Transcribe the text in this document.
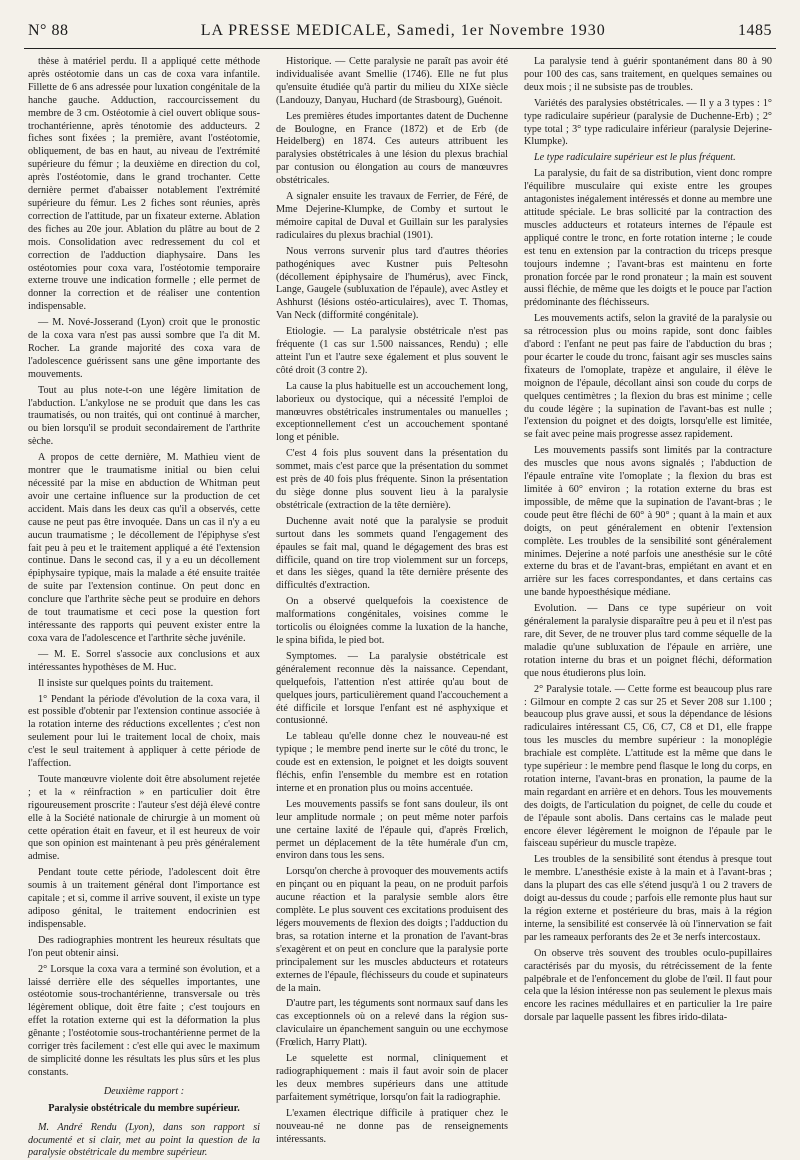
N° 88	LA PRESSE MEDICALE, Samedi, 1er Novembre 1930	1485

thèse à matériel perdu. Il a appliqué cette méthode après ostéotomie dans un cas de coxa vara infantile. Fillette de 6 ans adressée pour luxation congénitale de la hanche gauche. Adduction, raccourcissement du membre de 3 cm. Ostéotomie à ciel ouvert oblique sous-trochantérienne, après ténotomie des adducteurs. 2 fiches sont fixées ; la première, avant l'ostéotomie, obliquement, de bas en haut, au niveau de l'extrémité supérieure du fémur ; la deuxième en direction du col, après l'ostéotomie, dans le grand trochanter. Cette dernière permet d'abaisser notablement l'extrémité supérieure du fémur. Les 2 fiches sont réunies, après correction de l'attitude, par un fixateur externe. Ablation des fiches au 20e jour. Ablation du plâtre au bout de 2 mois. Consolidation avec redressement du col et correction de l'adduction diaphysaire. Dans les ostéotomies pour coxa vara, l'ostéotomie temporaire externe trouve une indication formelle ; elle permet de donner la correction et de réaliser une contention indispensable.

— M. Nové-Josserand (Lyon) croit que le pronostic de la coxa vara n'est pas aussi sombre que l'a dit M. Rocher. La grande majorité des coxa vara de l'adolescence guérissent sans une gêne importante des mouvements.

Tout au plus note-t-on une légère limitation de l'abduction. L'ankylose ne se produit que dans les cas traumatisés, ou non traités, qui ont continué à marcher, ou bien lorsqu'il se produit secondairement de l'arthrite sèche.

A propos de cette dernière, M. Mathieu vient de montrer que le traumatisme initial ou bien celui nécessité par la mise en abduction de Whitman peut avoir une certaine influence sur la production de cet accident. Mais dans les deux cas qu'il a observés, cette cause ne peut pas être invoquée. Dans un cas il n'y a eu aucun traumatisme ; le décollement de l'épiphyse s'est fait peu à peu et le traitement appliqué a été l'extension continue. Dans le second cas, il y a eu un décollement épiphysaire typique, mais la malade a été ensuite traitée de suite par l'extension continue. On peut donc en conclure que l'arthrite sèche peut se produire en dehors de tout traumatisme et ceci pose la question fort intéressante des rapports qui peuvent exister entre la coxa vara de l'adolescence et l'arthrite sèche juvénile.

— M. E. Sorrel s'associe aux conclusions et aux intéressantes hypothèses de M. Huc.

Il insiste sur quelques points du traitement.

1° Pendant la période d'évolution de la coxa vara, il est possible d'obtenir par l'extension continue associée à la rotation interne des réductions excellentes ; c'est non seulement pour lui le traitement local de choix, mais c'est le seul traitement à appliquer à cette période de l'affection.

Toute manœuvre violente doit être absolument rejetée ; et la « réinfraction » en particulier doit être rigoureusement proscrite : l'auteur s'est déjà élevé contre elle à la Société nationale de chirurgie à un moment où cette opération était en faveur, et il est heureux de voir que son opinion est maintenant à peu près généralement admise.

Pendant toute cette période, l'adolescent doit être soumis à un traitement général dont l'importance est capitale ; et si, comme il arrive souvent, il existe un type adiposo génital, le traitement endocrinien est indispensable.

Des radiographies montrent les heureux résultats que l'on peut obtenir ainsi.

2° Lorsque la coxa vara a terminé son évolution, et a laissé derrière elle des séquelles importantes, une ostéotomie sous-trochantérienne, transversale ou très légèrement oblique, doit être faite ; c'est toujours en effet la rotation externe qui est la déformation la plus gênante ; l'ostéotomie sous-trochantérienne permet de la corriger très facilement : c'est elle qui avec le maximum de simplicité donne les résultats les plus sûrs et les plus constants.

Deuxième rapport :

Paralysie obstétricale du membre supérieur.

M. André Rendu (Lyon), dans son rapport si documenté et si clair, met au point la question de la paralysie obstétricale du membre supérieur.

Historique. — Cette paralysie ne paraît pas avoir été individualisée avant Smellie (1746). Elle ne fut plus qu'ensuite étudiée qu'à partir du milieu du XIXe siècle (Landouzy, Danyau, Huchard (de Strasbourg), Guénoit.

Les premières études importantes datent de Duchenne de Boulogne, en France (1872) et de Erb (de Heidelberg) en 1874. Ces auteurs attribuent les paralysies obstétricales à une lésion du plexus brachial par contusion ou élongation au cours de manœuvres obstétricales.

A signaler ensuite les travaux de Ferrier, de Féré, de Mme Dejerine-Klumpke, de Comby et surtout le mémoire capital de Duval et Guillain sur les paralysies radiculaires du plexus brachial (1901).

Nous verrons survenir plus tard d'autres théories pathogéniques avec Kustner puis Peltesohn (décollement épiphysaire de l'humérus), avec Finck, Lange, Gaugele (subluxation de l'épaule), avec Astley et Ashhurst (lésions ostéo-articulaires), avec T. Thomas, Van Neck (difformité congénitale).

Etiologie. — La paralysie obstétricale n'est pas fréquente (1 cas sur 1.500 naissances, Rendu) ; elle atteint l'un et l'autre sexe également et plus souvent le côté droit (3 contre 2).

La cause la plus habituelle est un accouchement long, laborieux ou dystocique, qui a nécessité l'emploi de manœuvres obstétricales instrumentales ou manuelles ; exceptionnellement c'est un accouchement spontané long et pénible.

C'est 4 fois plus souvent dans la présentation du sommet, mais c'est parce que la présentation du sommet est près de 40 fois plus fréquente. Sinon la présentation du siège donne plus souvent lieu à la paralysie obstétricale (extraction de la tête dernière).

Duchenne avait noté que la paralysie se produit surtout dans les sommets quand l'engagement des épaules se fait mal, quand le dégagement des bras est difficile, quand on tire trop violemment sur un forceps, et dans les sièges, quand la tête dernière présente des difficultés d'extraction.

On a observé quelquefois la coexistence de malformations congénitales, voisines comme le torticolis ou éloignées comme la luxation de la hanche, le spina bifida, le pied bot.

Symptomes. — La paralysie obstétricale est généralement reconnue dès la naissance. Cependant, quelquefois, l'attention n'est attirée qu'au bout de quelques jours, particulièrement quand l'accouchement a été difficile et lorsque l'enfant est né asphyxique et contusionné.

Le tableau qu'elle donne chez le nouveau-né est typique ; le membre pend inerte sur le côté du tronc, le coude est en extension, le poignet et les doigts souvent fléchis, enfin l'ensemble du membre est en rotation interne et en pronation plus ou moins accentuée.

Les mouvements passifs se font sans douleur, ils ont leur amplitude normale ; on peut même noter parfois une certaine laxité de l'épaule qui, d'après Frœlich, permet un déplacement de la tête humérale d'un cm, environ dans tous les sens.

Lorsqu'on cherche à provoquer des mouvements actifs en pinçant ou en piquant la peau, on ne produit parfois aucune réaction et la paralysie semble alors être complète. Le plus souvent ces excitations produisent des légers mouvements de flexion des doigts ; l'adduction du bras, sa rotation interne et la pronation de l'avant-bras s'exagèrent et on peut en conclure que la paralysie porte principalement sur les muscles abducteurs et rotateurs externes de l'épaule, fléchisseurs du coude et supinateurs de la main.

D'autre part, les téguments sont normaux sauf dans les cas exceptionnels où on a relevé dans la région sus-claviculaire un épanchement sanguin ou une ecchymose (Frœlich, Harry Platt).

Le squelette est normal, cliniquement et radiographiquement : mais il faut avoir soin de placer les deux membres supérieurs dans une attitude parfaitement symétrique, lorsqu'on fait la radiographie.

L'examen électrique difficile à pratiquer chez le nouveau-né ne donne pas de renseignements intéressants.

La paralysie tend à guérir spontanément dans 80 à 90 pour 100 des cas, sans traitement, en quelques semaines ou deux mois ; il ne subsiste pas de troubles.

Variétés des paralysies obstétricales. — Il y a 3 types : 1° type radiculaire supérieur (paralysie de Duchenne-Erb) ; 2° type total ; 3° type radiculaire inférieur (paralysie Dejerine-Klumpke).

Le type radiculaire supérieur est le plus fréquent.

La paralysie, du fait de sa distribution, vient donc rompre l'équilibre musculaire qui existe entre les groupes antagonistes inégalement intéressés et donne au membre une attitude spéciale. Le bras sollicité par la contraction des muscles adducteurs et rotateurs internes de l'épaule est appliqué contre le tronc, en forte rotation interne ; le coude est tenu en extension par la contraction du triceps presque toujours indemne ; l'avant-bras est maintenu en forte pronation forcée par le rond pronateur ; la main est souvent aussi fléchie, de même que les doigts et le pouce par l'action prédominante des fléchisseurs.

Les mouvements actifs, selon la gravité de la paralysie ou sa rétrocession plus ou moins rapide, sont donc faibles d'abord : l'enfant ne peut pas faire de l'abduction du bras ; pour écarter le coude du tronc, faisant agir ses muscles sains fixateurs de l'omoplate, trapèze et angulaire, il élève le moignon de l'épaule, décollant ainsi son coude du corps de quelques centimètres ; la flexion du bras est minime ; celle du coude légère ; la supination de l'avant-bas est nulle ; l'extension du poignet et des doigts, lorsqu'elle est limitée, se fait avec peine mais progresse assez rapidement.

Les mouvements passifs sont limités par la contracture des muscles que nous avons signalés ; l'abduction de l'épaule entraîne vite l'omoplate ; la flexion du bras est limitée à 60° environ ; la rotation externe du bras est impossible, de même que la supination de l'avant-bras ; le coude peut être fléchi de 60° à 90° ; quant à la main et aux doigts, on peut généralement en obtenir l'extension complète. Les troubles de la sensibilité sont généralement minimes. Dejerine a noté parfois une anesthésie sur le côté externe du bras et de l'avant-bras, empiétant en avant et en arrière sur les faces correspondantes, et dans certains cas une bande hypoesthésique médiane.

Evolution. — Dans ce type supérieur on voit généralement la paralysie disparaître peu à peu et il n'est pas rare, dit Sever, de ne trouver plus tard comme séquelle de la maladie qu'une subluxation de l'épaule en arrière, une rotation interne du bras et un poignet fléchi, déformation que nous étudierons plus loin.

2° Paralysie totale. — Cette forme est beaucoup plus rare : Gilmour en compte 2 cas sur 25 et Sever 208 sur 1.100 ; beaucoup plus grave aussi, et sous la dépendance de lésions radiculaires intéressant C5, C6, C7, C8 et D1, elle frappe tous les muscles du membre supérieur : la monoplégie brachiale est complète. L'attitude est la même que dans le type supérieur : le membre pend flasque le long du corps, en rotation interne, l'avant-bras en pronation, la paume de la main regardant en arrière et en dehors. Tous les mouvements des doigts, de l'articulation du poignet, de celle du coude et de l'épaule sont abolis. Dans certains cas le malade peut encore élever légèrement le moignon de l'épaule par le faisceau supérieur du muscle trapèze.

Les troubles de la sensibilité sont étendus à presque tout le membre. L'anesthésie existe à la main et à l'avant-bras ; dans la plupart des cas elle s'étend jusqu'à 1 ou 2 travers de doigt au-dessus du coude ; parfois elle remonte plus haut sur la région externe et postérieure du bras, mais à la région interne, la sensibilité est conservée là où l'innervation se fait par les rameaux perforants des 2e et 3e nerfs intercostaux.

On observe très souvent des troubles oculo-pupillaires caractérisés par du myosis, du rétrécissement de la fente palpébrale et de l'enfoncement du globe de l'œil. Il faut pour cela que la lésion intéresse non pas seulement le plexus mais encore les racines médullaires et en particulier la 1re paire dorsale par laquelle passent les fibres irido-dilata-
